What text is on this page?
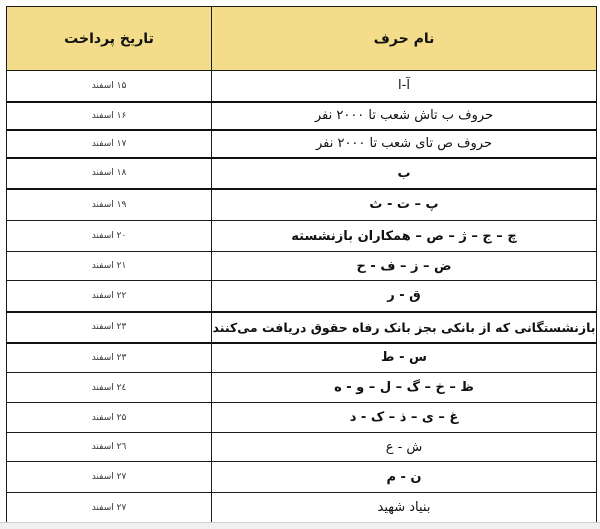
نام حرف	تاریخ پرداخت
آ-ا	۱۵ اسفند
حروف ب تاش شعب تا ۲۰۰۰ نفر	۱۶ اسفند
حروف ص تای شعب تا ۲۰۰۰ نفر	۱۷ اسفند
ب	۱۸ اسفند
پ – ت - ث	۱۹ اسفند
چ – ج – ژ – ص – همکاران بازنشسته	۲۰ اسفند
ض – ز – ف - ح	۲۱ اسفند
ق - ر	۲۲ اسفند
بازنشستگانی که از بانکی بجز بانک رفاه حقوق دریافت می‌کنند	۲۳ اسفند
س - ط	۲۳ اسفند
ظ – خ – گ – ل – و - ه	۲٤ اسفند
غ – ی – ذ – ک - د	۲۵ اسفند
ش - ع	۲٦ اسفند
ن - م	۲۷ اسفند
بنیاد شهید	۲۷ اسفند
